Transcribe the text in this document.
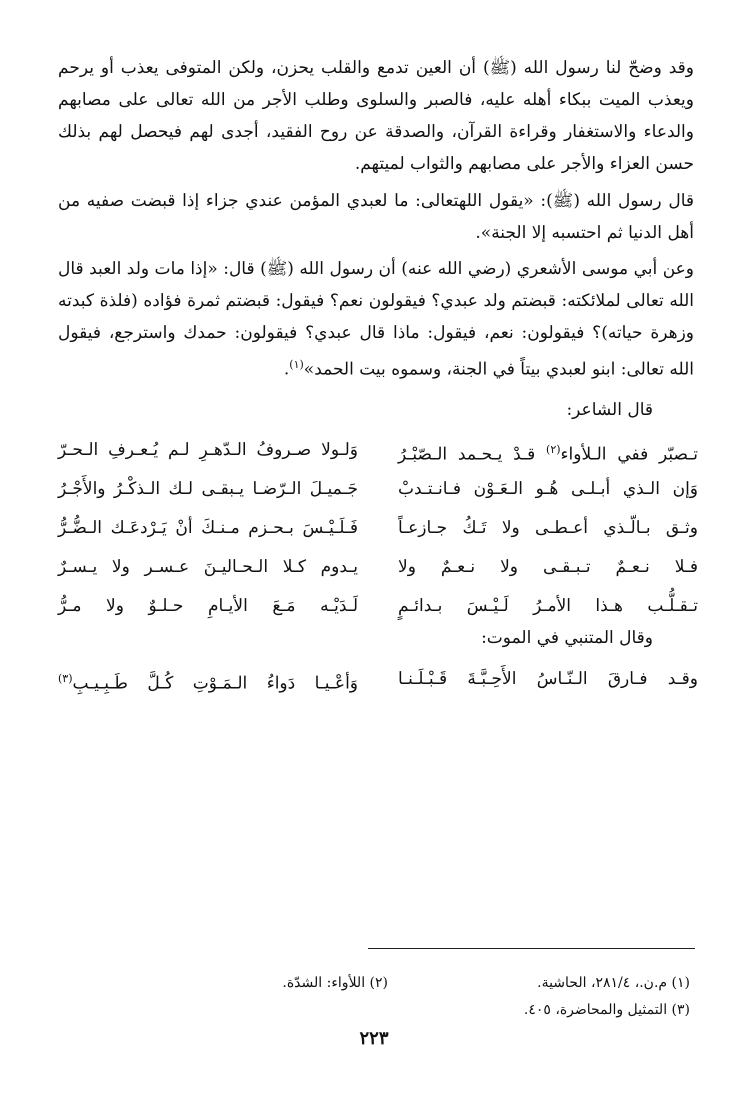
وقد وضحّ لنا رسول الله (ﷺ) أن العين تدمع والقلب يحزن، ولكن المتوفى يعذب أو يرحم ويعذب الميت ببكاء أهله عليه، فالصبر والسلوى وطلب الأجر من الله تعالى على مصابهم والدعاء والاستغفار وقراءة القرآن، والصدقة عن روح الفقيد، أجدى لهم فيحصل لهم بذلك حسن العزاء والأجر على مصابهم والثواب لميتهم.

قال رسول الله (ﷺ): «يقول اللهتعالى: ما لعبدي المؤمن عندي جزاء إذا قبضت صفيه من أهل الدنيا ثم احتسبه إلا الجنة».

وعن أبي موسى الأشعري (رضي الله عنه) أن رسول الله (ﷺ) قال: «إذا مات ولد العبد قال الله تعالى لملائكته: قبضتم ولد عبدي؟ فيقولون نعم؟ فيقول: قبضتم ثمرة فؤاده (فلذة كبدته وزهرة حياته)؟ فيقولون: نعم، فيقول: ماذا قال عبدي؟ فيقولون: حمدك واسترجع، فيقول الله تعالى: ابنو لعبدي بيتاً في الجنة، وسموه بيت الحمد»$^{(١)}$.

قال الشاعر:
تـصبّر ففي الـلأواء$^{(٢)}$ قـدْ يـحـمد الـصّبْـرُ
وَلـولا صـروفُ الـدّهـرِ لـم يُـعـرفِ الـحـرّ
وَإن الـذي أبـلـى هُـو الـعَـوْن فـانـتـدبْ
جَـميـلَ الـرّضـا يـبقـى لـك الـذكْـرُ والأَجْـرُ
وثـق بـالّـذي أعـطـى ولا تَـكُ جـازعـاً
فَـلَـيْـسَ بـحـزم مـنـكَ أنْ يَـرْدعَـك الـضُّـرُّ
فـلا نـعـمٌ تـبـقـى ولا نـعـمٌ ولا
يـدوم كـلا الـحـاليـنَ عـسـر ولا يـسـرٌ
تـقـلُّـب هـذا الأمـرُ لَـيْـسَ بـدائـمٍ
لَـدَيْـه مَـعَ الأيـامِ حـلـوٌ ولا مـرُّ
وقال المتنبي في الموت:
وقـد فـارقَ الـنّـاسُ الأَحِـبَّـةَ قَـبْـلَـنـا
وَأعْـيـا دَواءُ الـمَـوْتِ كُـلَّ طَـبِـيـبِ$^{(٣)}$
(١) م.ن.، ٢٨١/٤، الحاشية.
(٢) اللأواء: الشدّة.
(٣) التمثيل والمحاضرة، ٤٠٥.
٢٢٣
